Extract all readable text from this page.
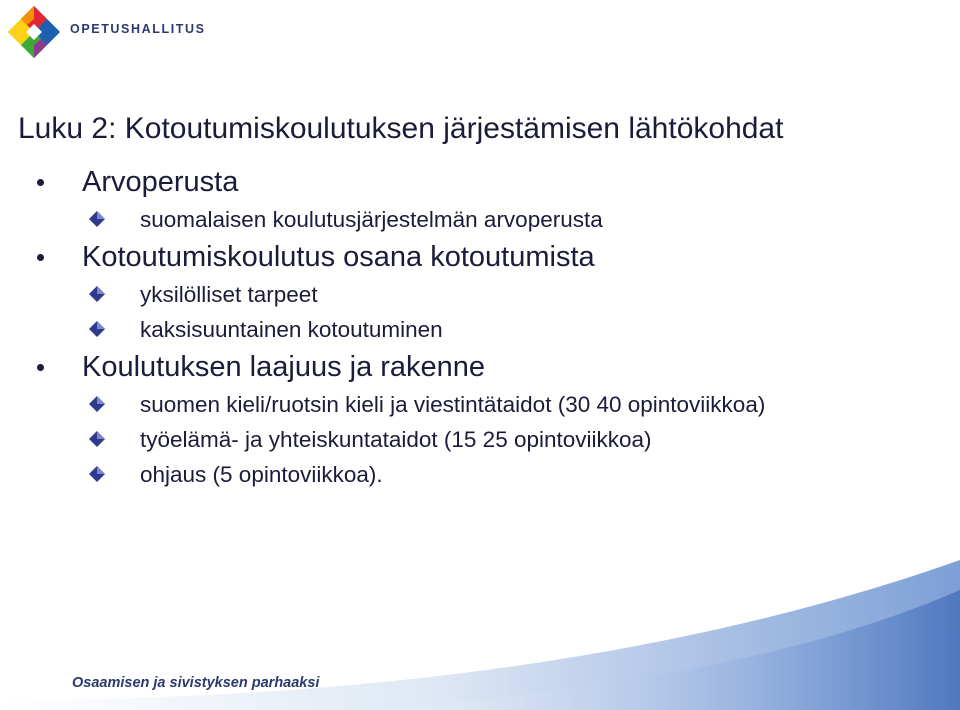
OPETUSHALLITUS
Luku 2: Kotoutumiskoulutuksen järjestämisen lähtökohdat
Arvoperusta
suomalaisen koulutusjärjestelmän arvoperusta
Kotoutumiskoulutus osana kotoutumista
yksilölliset tarpeet
kaksisuuntainen kotoutuminen
Koulutuksen laajuus ja rakenne
suomen kieli/ruotsin kieli ja viestintätaidot (30 40 opintoviikkoa)
työelämä- ja yhteiskuntataidot (15 25 opintoviikkoa)
ohjaus (5 opintoviikkoa).
Osaamisen ja sivistyksen parhaaksi
